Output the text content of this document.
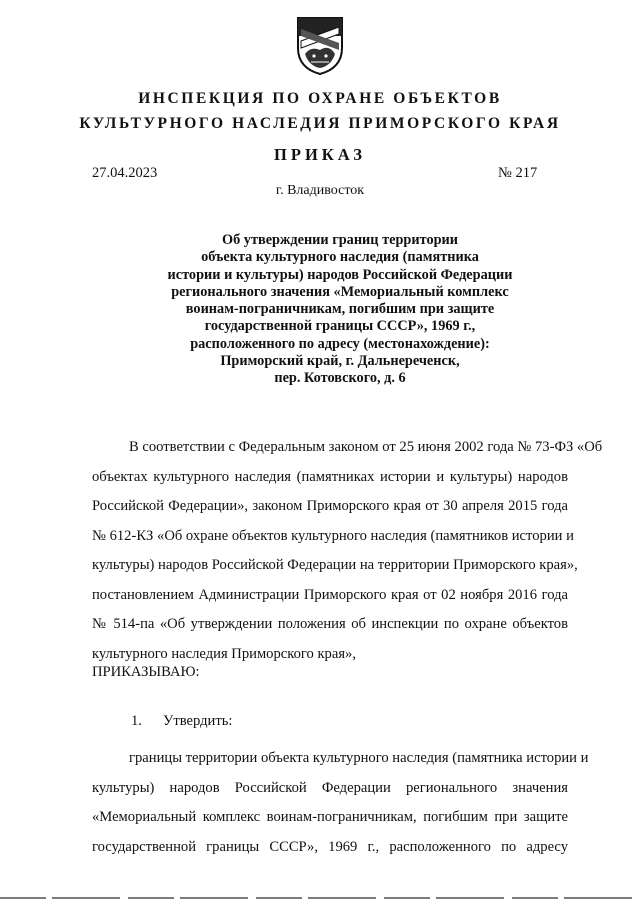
ИНСПЕКЦИЯ ПО ОХРАНЕ ОБЪЕКТОВ
КУЛЬТУРНОГО НАСЛЕДИЯ ПРИМОРСКОГО КРАЯ
ПРИКАЗ
27.04.2023	№ 217
г. Владивосток
Об утверждении границ территории
объекта культурного наследия (памятника
истории и культуры) народов Российской Федерации
регионального значения «Мемориальный комплекс
воинам-пограничникам, погибшим при защите
государственной границы СССР», 1969 г.,
расположенного по адресу (местонахождение):
Приморский край, г. Дальнереченск,
пер. Котовского, д. 6
В соответствии с Федеральным законом от 25 июня 2002 года № 73-ФЗ «Об
объектах культурного наследия (памятниках истории и культуры) народов
Российской Федерации», законом Приморского края от 30 апреля 2015 года
№ 612-КЗ «Об охране объектов культурного наследия (памятников истории и
культуры) народов Российской Федерации на территории Приморского края»,
постановлением Администрации Приморского края от 02 ноября 2016 года
№ 514-па «Об утверждении положения об инспекции по охране объектов
культурного наследия Приморского края»,
ПРИКАЗЫВАЮ:
1. Утвердить:
границы территории объекта культурного наследия (памятника истории и
культуры) народов Российской Федерации регионального значения
«Мемориальный комплекс воинам-пограничникам, погибшим при защите
государственной границы СССР», 1969 г., расположенного по адресу
